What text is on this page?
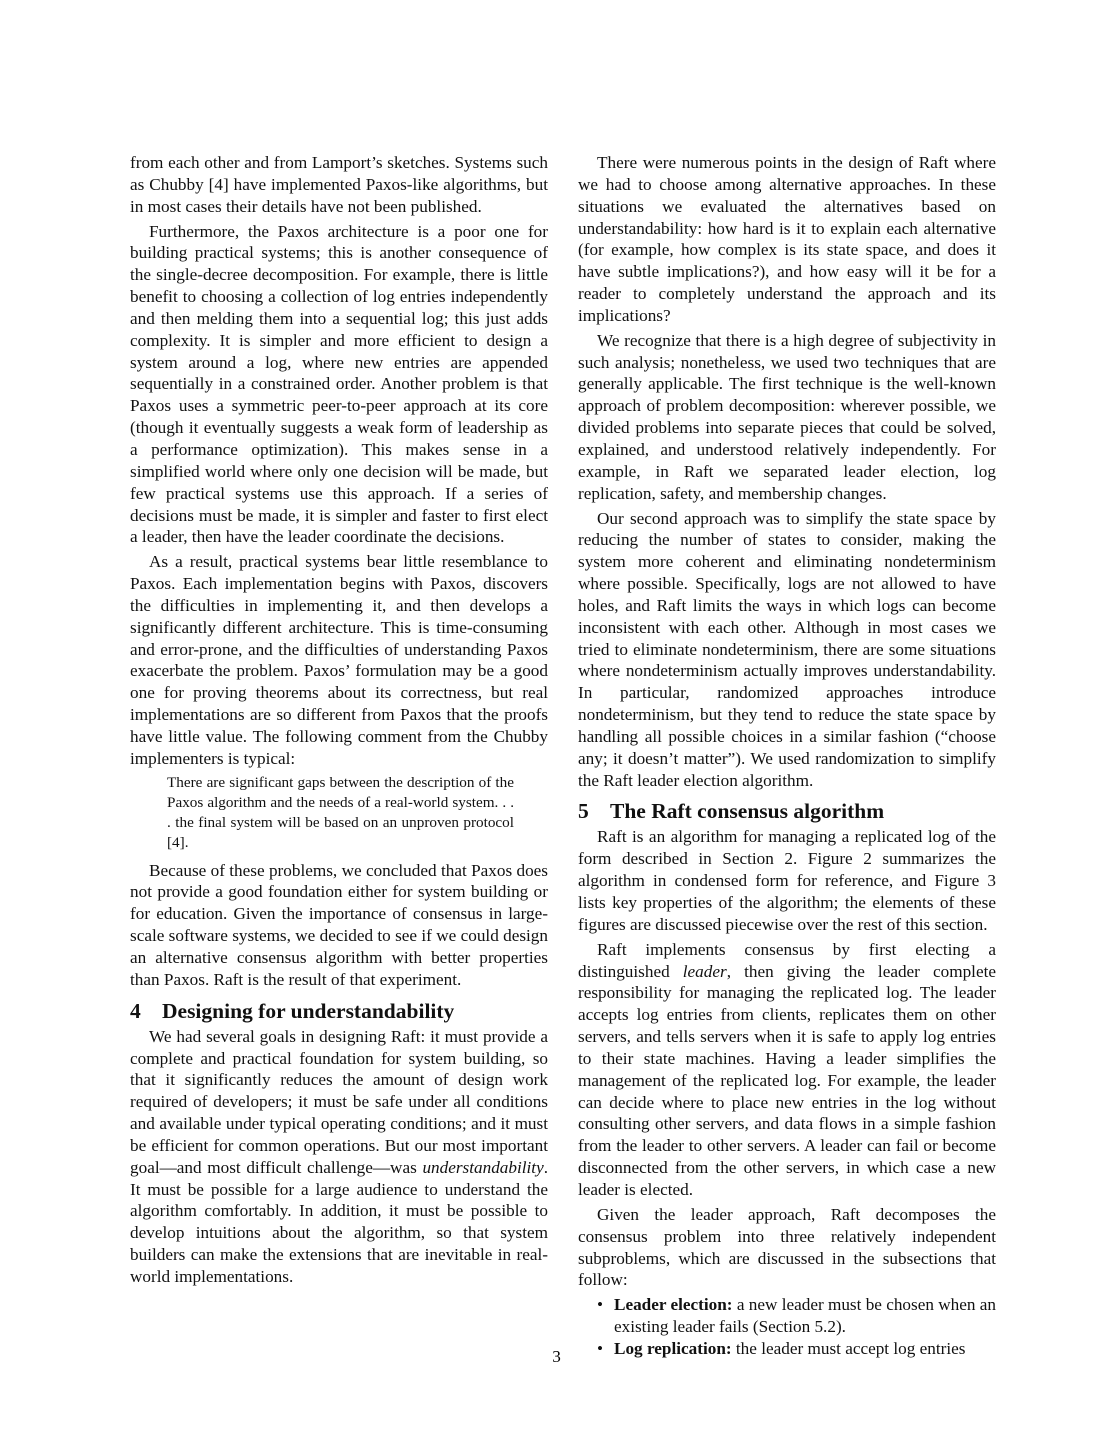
from each other and from Lamport’s sketches. Systems such as Chubby [4] have implemented Paxos-like algorithms, but in most cases their details have not been published.

Furthermore, the Paxos architecture is a poor one for building practical systems; this is another consequence of the single-decree decomposition. For example, there is little benefit to choosing a collection of log entries independently and then melding them into a sequential log; this just adds complexity. It is simpler and more efficient to design a system around a log, where new entries are appended sequentially in a constrained order. Another problem is that Paxos uses a symmetric peer-to-peer approach at its core (though it eventually suggests a weak form of leadership as a performance optimization). This makes sense in a simplified world where only one decision will be made, but few practical systems use this approach. If a series of decisions must be made, it is simpler and faster to first elect a leader, then have the leader coordinate the decisions.

As a result, practical systems bear little resemblance to Paxos. Each implementation begins with Paxos, discovers the difficulties in implementing it, and then develops a significantly different architecture. This is time-consuming and error-prone, and the difficulties of understanding Paxos exacerbate the problem. Paxos’ formulation may be a good one for proving theorems about its correctness, but real implementations are so different from Paxos that the proofs have little value. The following comment from the Chubby implementers is typical:

There are significant gaps between the description of the Paxos algorithm and the needs of a real-world system. . . . the final system will be based on an unproven protocol [4].

Because of these problems, we concluded that Paxos does not provide a good foundation either for system building or for education. Given the importance of consensus in large-scale software systems, we decided to see if we could design an alternative consensus algorithm with better properties than Paxos. Raft is the result of that experiment.

4 Designing for understandability

We had several goals in designing Raft: it must provide a complete and practical foundation for system building, so that it significantly reduces the amount of design work required of developers; it must be safe under all conditions and available under typical operating conditions; and it must be efficient for common operations. But our most important goal—and most difficult challenge—was understandability. It must be possible for a large audience to understand the algorithm comfortably. In addition, it must be possible to develop intuitions about the algorithm, so that system builders can make the extensions that are inevitable in real-world implementations.

There were numerous points in the design of Raft where we had to choose among alternative approaches. In these situations we evaluated the alternatives based on understandability: how hard is it to explain each alternative (for example, how complex is its state space, and does it have subtle implications?), and how easy will it be for a reader to completely understand the approach and its implications?

We recognize that there is a high degree of subjectivity in such analysis; nonetheless, we used two techniques that are generally applicable. The first technique is the well-known approach of problem decomposition: wherever possible, we divided problems into separate pieces that could be solved, explained, and understood relatively independently. For example, in Raft we separated leader election, log replication, safety, and membership changes.

Our second approach was to simplify the state space by reducing the number of states to consider, making the system more coherent and eliminating nondeterminism where possible. Specifically, logs are not allowed to have holes, and Raft limits the ways in which logs can become inconsistent with each other. Although in most cases we tried to eliminate nondeterminism, there are some situations where nondeterminism actually improves understandability. In particular, randomized approaches introduce nondeterminism, but they tend to reduce the state space by handling all possible choices in a similar fashion (“choose any; it doesn’t matter”). We used randomization to simplify the Raft leader election algorithm.

5 The Raft consensus algorithm

Raft is an algorithm for managing a replicated log of the form described in Section 2. Figure 2 summarizes the algorithm in condensed form for reference, and Figure 3 lists key properties of the algorithm; the elements of these figures are discussed piecewise over the rest of this section.

Raft implements consensus by first electing a distinguished leader, then giving the leader complete responsibility for managing the replicated log. The leader accepts log entries from clients, replicates them on other servers, and tells servers when it is safe to apply log entries to their state machines. Having a leader simplifies the management of the replicated log. For example, the leader can decide where to place new entries in the log without consulting other servers, and data flows in a simple fashion from the leader to other servers. A leader can fail or become disconnected from the other servers, in which case a new leader is elected.

Given the leader approach, Raft decomposes the consensus problem into three relatively independent subproblems, which are discussed in the subsections that follow:

• Leader election: a new leader must be chosen when an existing leader fails (Section 5.2).
• Log replication: the leader must accept log entries
3
